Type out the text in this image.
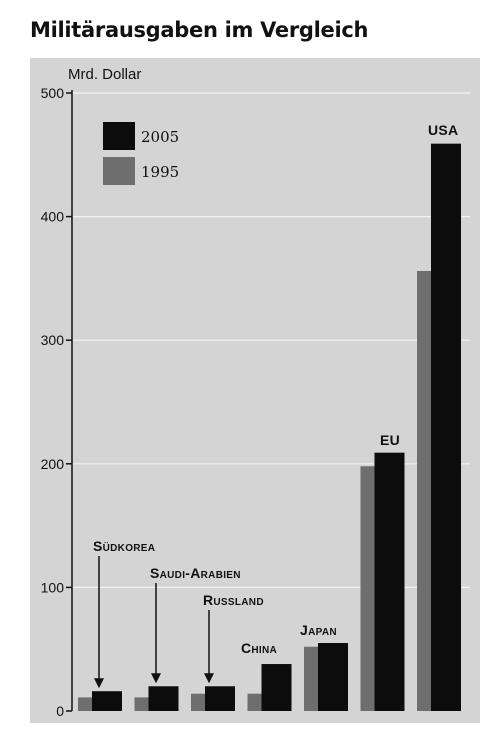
Militärausgaben im Vergleich
0
100
200
300
400
500
Südkorea
Saudi-Arabien
Russland
China
Japan
EU
USA
2005
1995
Mrd. Dollar
